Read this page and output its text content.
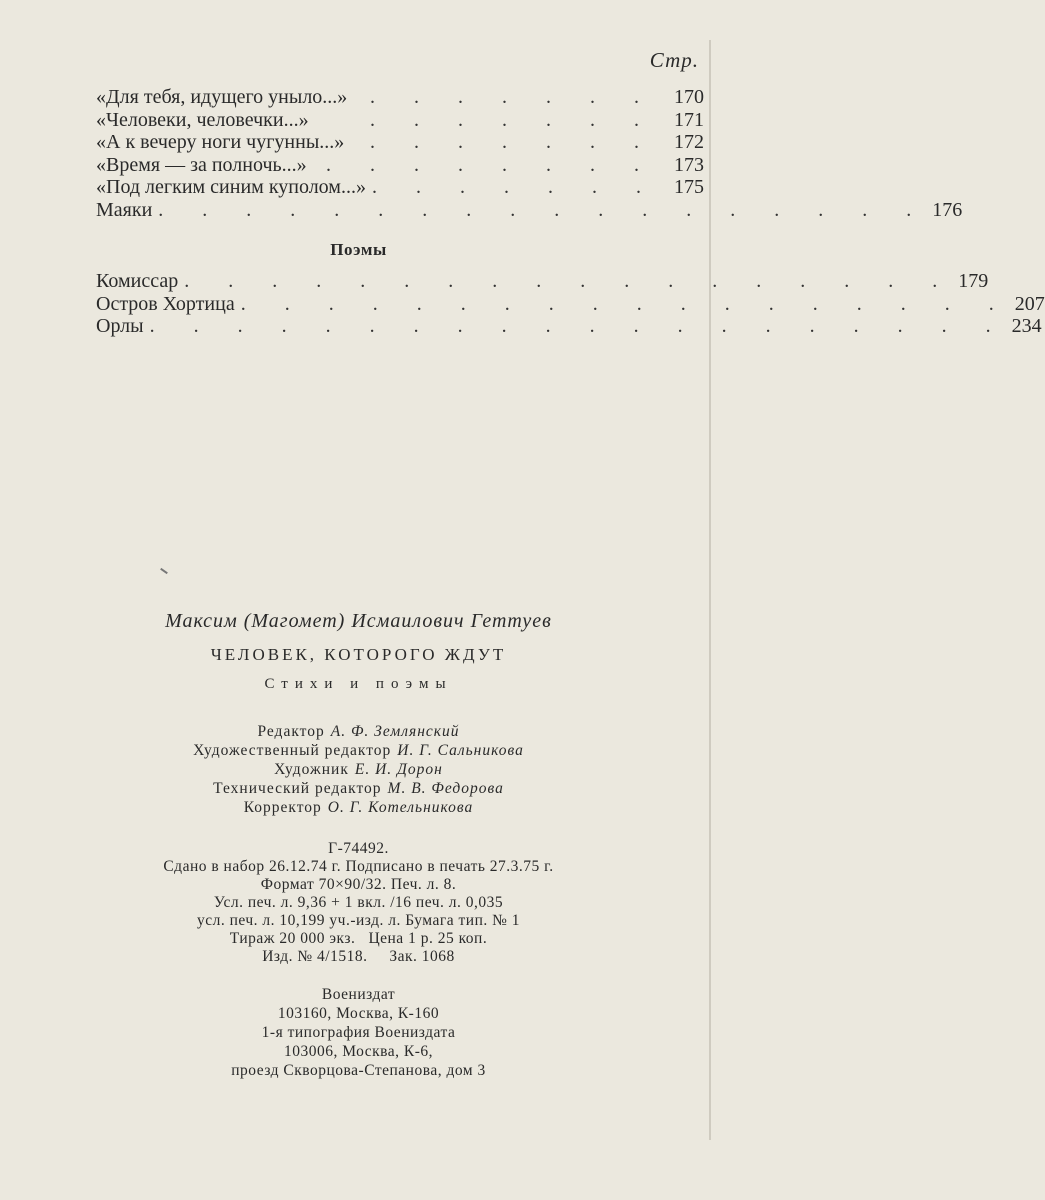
Стр.
«Для тебя, идущего уныло...»	. . . . . . . 170
«Человеки, человечки...»	. . . . . . . 171
«А к вечеру ноги чугунны...»	. . . . . . . 172
«Время — за полночь...» . . . . . . . . 173
«Под легким синим куполом...» . . . . . . . 175
Маяки . . . . . . . . . . . . . . . . . . 176
Поэмы
Комиссар . . . . . . . . . . . . . . . . . . 179
Остров Хортица . . . . . . . . . . . . . . . . . . 207
Орлы . . . . . . . . . . . . . . . . . . . . 234
Максим (Магомет) Исмаилович Геттуев
ЧЕЛОВЕК, КОТОРОГО ЖДУТ
Стихи и поэмы
Редактор А. Ф. Землянский
Художественный редактор И. Г. Сальникова
Художник Е. И. Дорон
Технический редактор М. В. Федорова
Корректор О. Г. Котельникова
Г-74492.
Сдано в набор 26.12.74 г. Подписано в печать 27.3.75 г.
Формат 70×90/32. Печ. л. 8.
Усл. печ. л. 9,36 + 1 вкл. /16 печ. л. 0,035
усл. печ. л. 10,199 уч.-изд. л. Бумага тип. № 1
Тираж 20 000 экз.   Цена 1 р. 25 коп.
Изд. № 4/1518.     Зак. 1068
Воениздат
103160, Москва, К-160
1-я типография Воениздата
103006, Москва, К-6,
проезд Скворцова-Степанова, дом 3
